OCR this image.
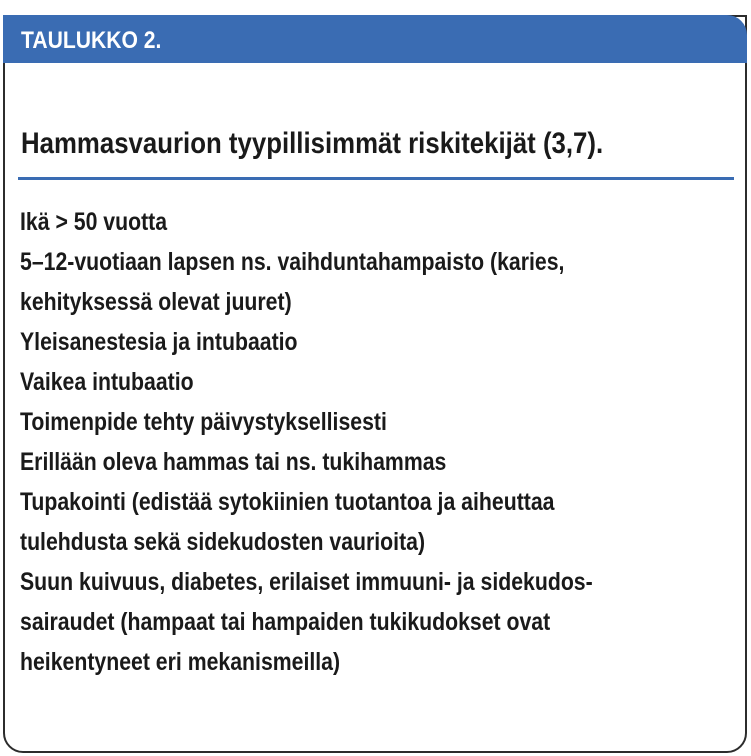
TAULUKKO 2.
Hammasvaurion tyypillisimmät riskitekijät (3,7).
Ikä > 50 vuotta
5–12-vuotiaan lapsen ns. vaihduntahampaisto (karies,
kehityksessä olevat juuret)
Yleisanestesia ja intubaatio
Vaikea intubaatio
Toimenpide tehty päivystyksellisesti
Erillään oleva hammas tai ns. tukihammas
Tupakointi (edistää sytokiinien tuotantoa ja aiheuttaa
tulehdusta sekä sidekudosten vaurioita)
Suun kuivuus, diabetes, erilaiset immuuni- ja sidekudos-
sairaudet (hampaat tai hampaiden tukikudokset ovat
heikentyneet eri mekanismeilla)
